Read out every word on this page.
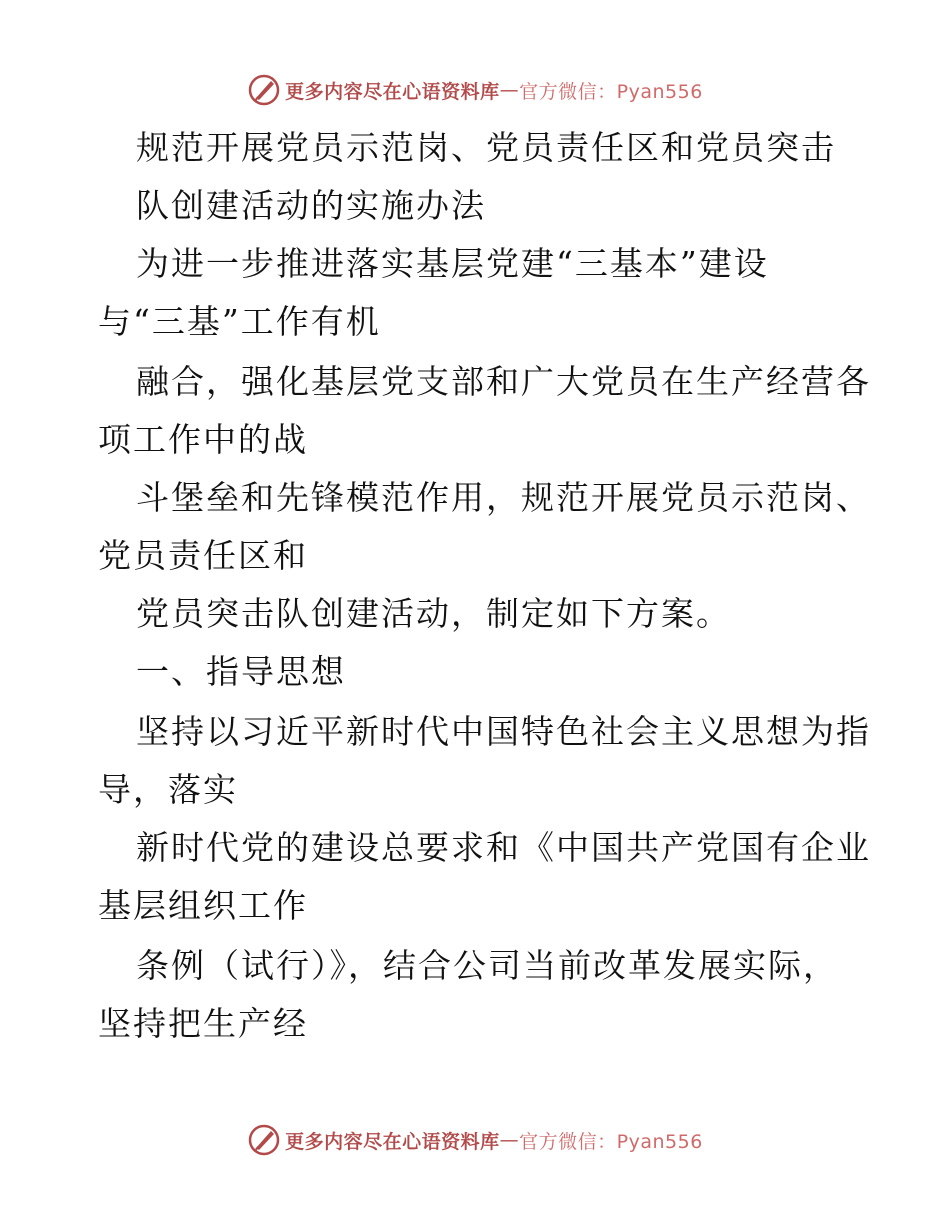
更多内容尽在心语资料库 — 官方微信：Pyan556
规范开展党员示范岗、党员责任区和党员突击
队创建活动的实施办法
为进一步推进落实基层党建“三基本”建设
与“三基”工作有机
融合，强化基层党支部和广大党员在生产经营各
项工作中的战
斗堡垒和先锋模范作用，规范开展党员示范岗、
党员责任区和
党员突击队创建活动，制定如下方案。
一、指导思想
坚持以习近平新时代中国特色社会主义思想为指
导，落实
新时代党的建设总要求和《中国共产党国有企业
基层组织工作
条例（试行）》，结合公司当前改革发展实际，
坚持把生产经
更多内容尽在心语资料库 — 官方微信：Pyan556
